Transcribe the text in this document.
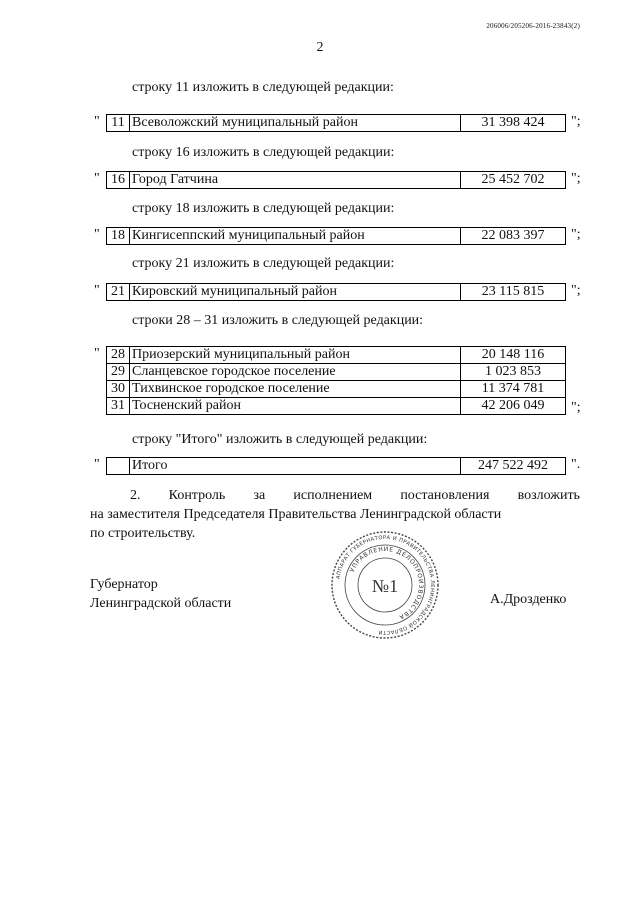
206006/205206-2016-23843(2)
2
строку 11 изложить в следующей редакции:
" 11	Всеволожский муниципальный район	31 398 424 ";
строку 16 изложить в следующей редакции:
" 16	Город Гатчина	25 452 702 ";
строку 18 изложить в следующей редакции:
" 18	Кингисеппский муниципальный район	22 083 397 ";
строку 21 изложить в следующей редакции:
" 21	Кировский муниципальный район	23 115 815 ";
строки 28 – 31 изложить в следующей редакции:
" 28	Приозерский муниципальный район	20 148 116
29	Сланцевское городское поселение	1 023 853
30	Тихвинское городское поселение	11 374 781
31	Тосненский район	42 206 049 ";
строку "Итого" изложить в следующей редакции:
"
	Итого	247 522 492 ".
2. Контроль за исполнением постановления возложить
на заместителя Председателя Правительства Ленинградской области
по строительству.
Губернатор
Ленинградской области	А.Дрозденко
АППАРАТ ГУБЕРНАТОРА И ПРАВИТЕЛЬСТВА ЛЕНИНГРАДСКОЙ ОБЛАСТИ
УПРАВЛЕНИЕ ДЕЛОПРОИЗВОДСТВА
№1
